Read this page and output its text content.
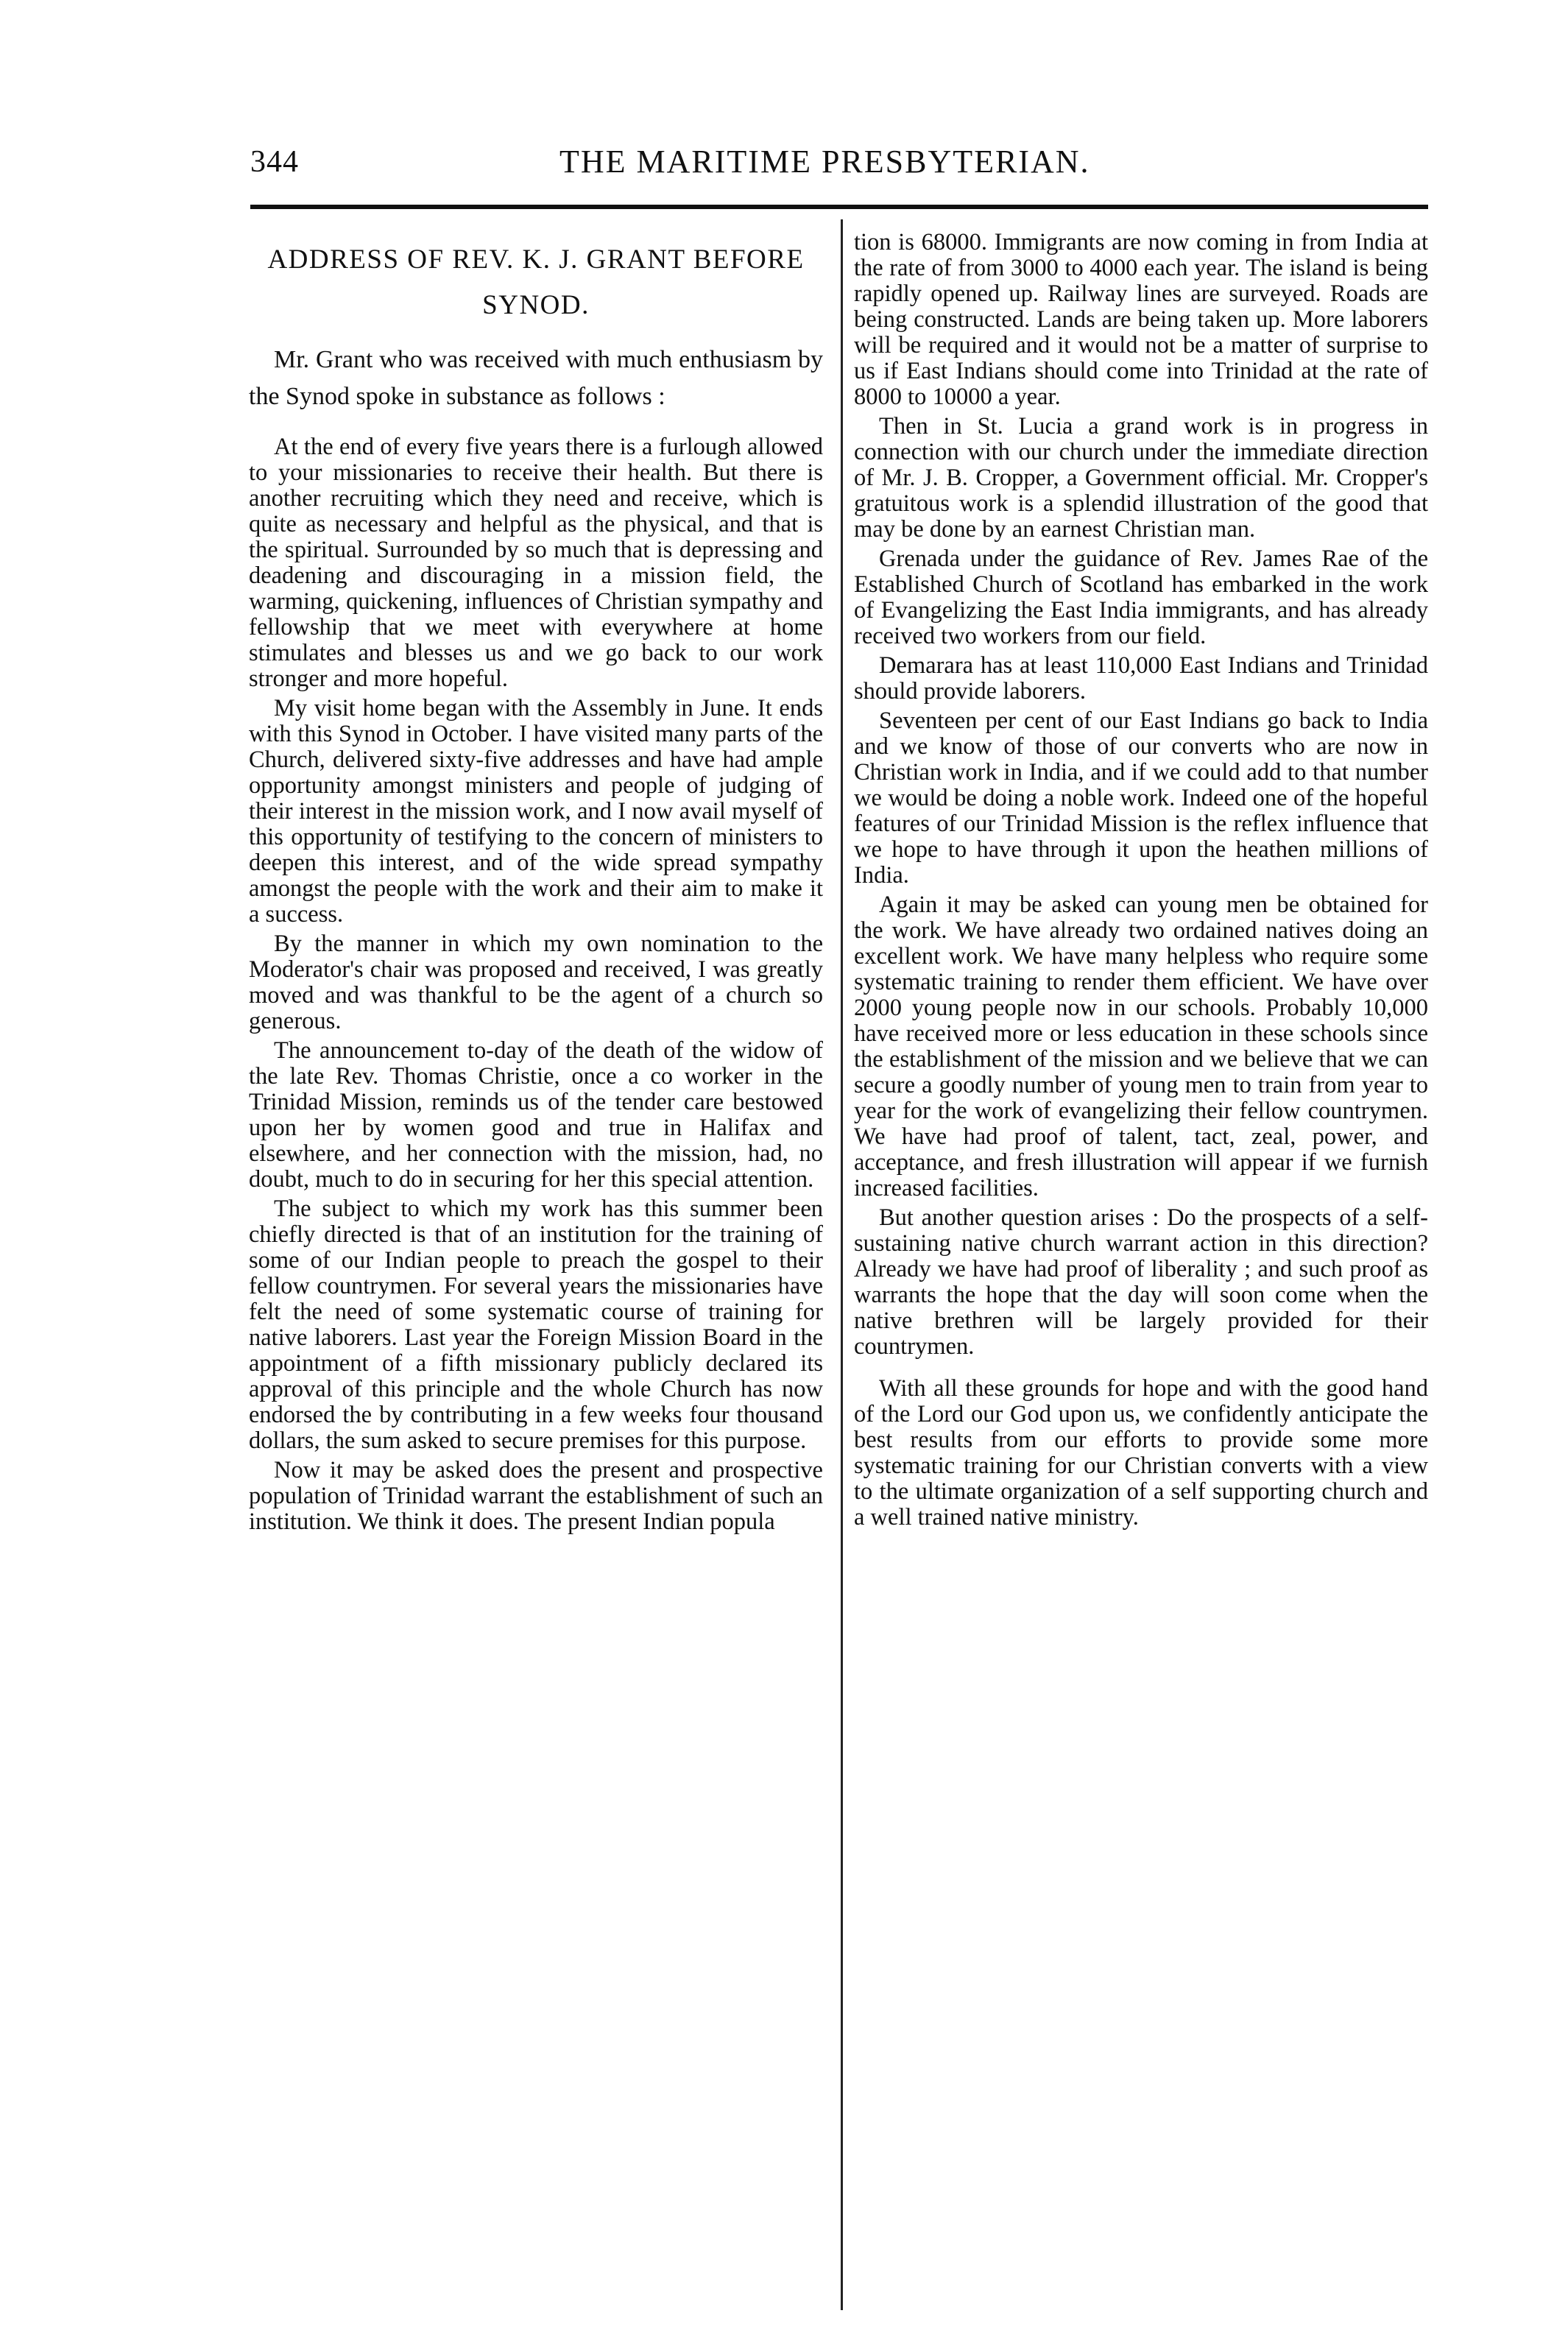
344	THE MARITIME PRESBYTERIAN.

ADDRESS OF REV. K. J. GRANT BEFORE SYNOD.

Mr. Grant who was received with much enthusiasm by the Synod spoke in substance as follows :

At the end of every five years there is a furlough allowed to your missionaries to receive their health. But there is another recruiting which they need and receive, which is quite as necessary and helpful as the physical, and that is the spiritual. Surrounded by so much that is depressing and deadening and discouraging in a mission field, the warming, quickening, influences of Christian sympathy and fellowship that we meet with everywhere at home stimulates and blesses us and we go back to our work stronger and more hopeful.

My visit home began with the Assembly in June. It ends with this Synod in October. I have visited many parts of the Church, delivered sixty-five addresses and have had ample opportunity amongst ministers and people of judging of their interest in the mission work, and I now avail myself of this opportunity of testifying to the concern of ministers to deepen this interest, and of the wide spread sympathy amongst the people with the work and their aim to make it a success.

By the manner in which my own nomination to the Moderator's chair was proposed and received, I was greatly moved and was thankful to be the agent of a church so generous.

The announcement to-day of the death of the widow of the late Rev. Thomas Christie, once a co worker in the Trinidad Mission, reminds us of the tender care bestowed upon her by women good and true in Halifax and elsewhere, and her connection with the mission, had, no doubt, much to do in securing for her this special attention.

The subject to which my work has this summer been chiefly directed is that of an institution for the training of some of our Indian people to preach the gospel to their fellow countrymen. For several years the missionaries have felt the need of some systematic course of training for native laborers. Last year the Foreign Mission Board in the appointment of a fifth missionary publicly declared its approval of this principle and the whole Church has now endorsed the by contributing in a few weeks four thousand dollars, the sum asked to secure premises for this purpose.

Now it may be asked does the present and prospective population of Trinidad warrant the establishment of such an institution. We think it does. The present Indian popula

tion is 68000. Immigrants are now coming in from India at the rate of from 3000 to 4000 each year. The island is being rapidly opened up. Railway lines are surveyed. Roads are being constructed. Lands are being taken up. More laborers will be required and it would not be a matter of surprise to us if East Indians should come into Trinidad at the rate of 8000 to 10000 a year.

Then in St. Lucia a grand work is in progress in connection with our church under the immediate direction of Mr. J. B. Cropper, a Government official. Mr. Cropper's gratuitous work is a splendid illustration of the good that may be done by an earnest Christian man.

Grenada under the guidance of Rev. James Rae of the Established Church of Scotland has embarked in the work of Evangelizing the East India immigrants, and has already received two workers from our field.

Demarara has at least 110,000 East Indians and Trinidad should provide laborers.

Seventeen per cent of our East Indians go back to India and we know of those of our converts who are now in Christian work in India, and if we could add to that number we would be doing a noble work. Indeed one of the hopeful features of our Trinidad Mission is the reflex influence that we hope to have through it upon the heathen millions of India.

Again it may be asked can young men be obtained for the work. We have already two ordained natives doing an excellent work. We have many helpless who require some systematic training to render them efficient. We have over 2000 young people now in our schools. Probably 10,000 have received more or less education in these schools since the establishment of the mission and we believe that we can secure a goodly number of young men to train from year to year for the work of evangelizing their fellow countrymen. We have had proof of talent, tact, zeal, power, and acceptance, and fresh illustration will appear if we furnish increased facilities.

But another question arises : Do the prospects of a self-sustaining native church warrant action in this direction? Already we have had proof of liberality ; and such proof as warrants the hope that the day will soon come when the native brethren will be largely provided for their countrymen.

With all these grounds for hope and with the good hand of the Lord our God upon us, we confidently anticipate the best results from our efforts to provide some more systematic training for our Christian converts with a view to the ultimate organization of a self supporting church and a well trained native ministry.
